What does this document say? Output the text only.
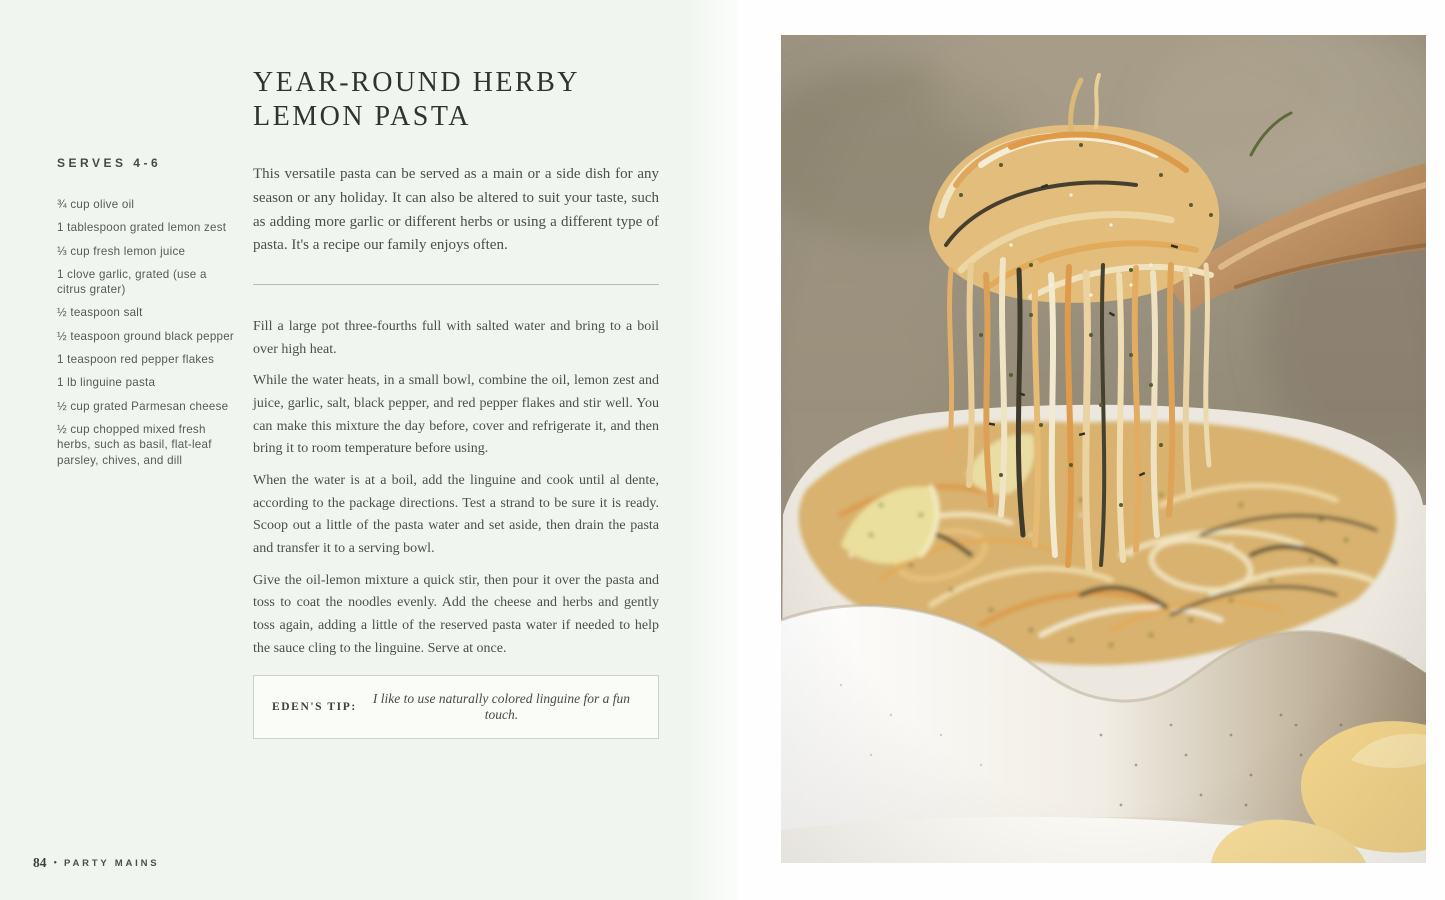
SERVES 4-6
¾ cup olive oil
1 tablespoon grated lemon zest
⅓ cup fresh lemon juice
1 clove garlic, grated (use a citrus grater)
½ teaspoon salt
½ teaspoon ground black pepper
1 teaspoon red pepper flakes
1 lb linguine pasta
½ cup grated Parmesan cheese
½ cup chopped mixed fresh herbs, such as basil, flat-leaf parsley, chives, and dill
YEAR-ROUND HERBY
LEMON PASTA

This versatile pasta can be served as a main or a side dish for any season or any holiday. It can also be altered to suit your taste, such as adding more garlic or different herbs or using a different type of pasta. It's a recipe our family enjoys often.

Fill a large pot three-fourths full with salted water and bring to a boil over high heat.

While the water heats, in a small bowl, combine the oil, lemon zest and juice, garlic, salt, black pepper, and red pepper flakes and stir well. You can make this mixture the day before, cover and refrigerate it, and then bring it to room temperature before using.

When the water is at a boil, add the linguine and cook until al dente, according to the package directions. Test a strand to be sure it is ready. Scoop out a little of the pasta water and set aside, then drain the pasta and transfer it to a serving bowl.

Give the oil-lemon mixture a quick stir, then pour it over the pasta and toss to coat the noodles evenly. Add the cheese and herbs and gently toss again, adding a little of the reserved pasta water if needed to help the sauce cling to the linguine. Serve at once.

EDEN'S TIP:
I like to use naturally colored linguine for a fun touch.
84 • PARTY MAINS
